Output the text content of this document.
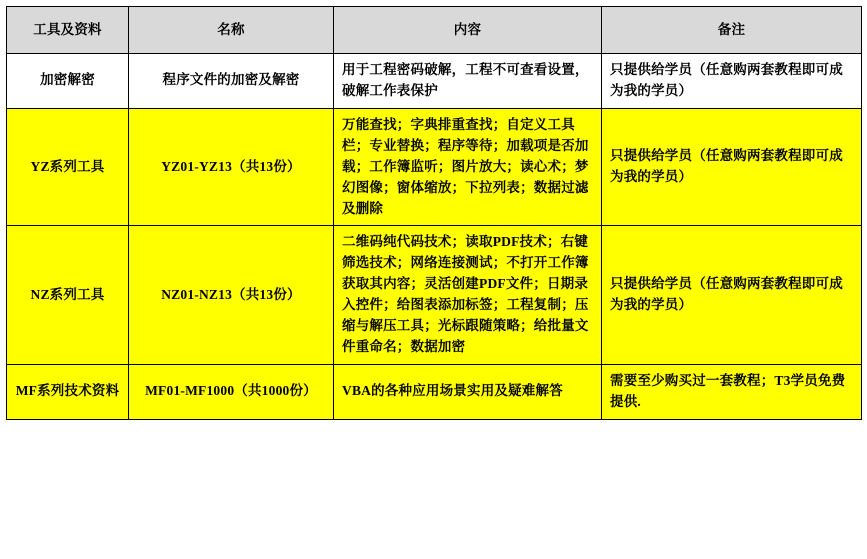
工具及资料	名称	内容	备注
加密解密	程序文件的加密及解密	用于工程密码破解，工程不可查看设置，破解工作表保护	只提供给学员（任意购两套教程即可成为我的学员）
YZ系列工具	YZ01-YZ13（共13份）	万能查找；字典排重查找；自定义工具栏；专业替换；程序等待；加载项是否加载；工作簿监听；图片放大；读心术；梦幻图像；窗体缩放；下拉列表；数据过滤及删除	只提供给学员（任意购两套教程即可成为我的学员）
NZ系列工具	NZ01-NZ13（共13份）	二维码纯代码技术；读取PDF技术；右键筛选技术；网络连接测试；不打开工作簿获取其内容；灵活创建PDF文件；日期录入控件；给图表添加标签；工程复制；压缩与解压工具；光标跟随策略；给批量文件重命名；数据加密	只提供给学员（任意购两套教程即可成为我的学员）
MF系列技术资料	MF01-MF1000（共1000份）	VBA的各种应用场景实用及疑难解答	需要至少购买过一套教程；T3学员免费提供.
